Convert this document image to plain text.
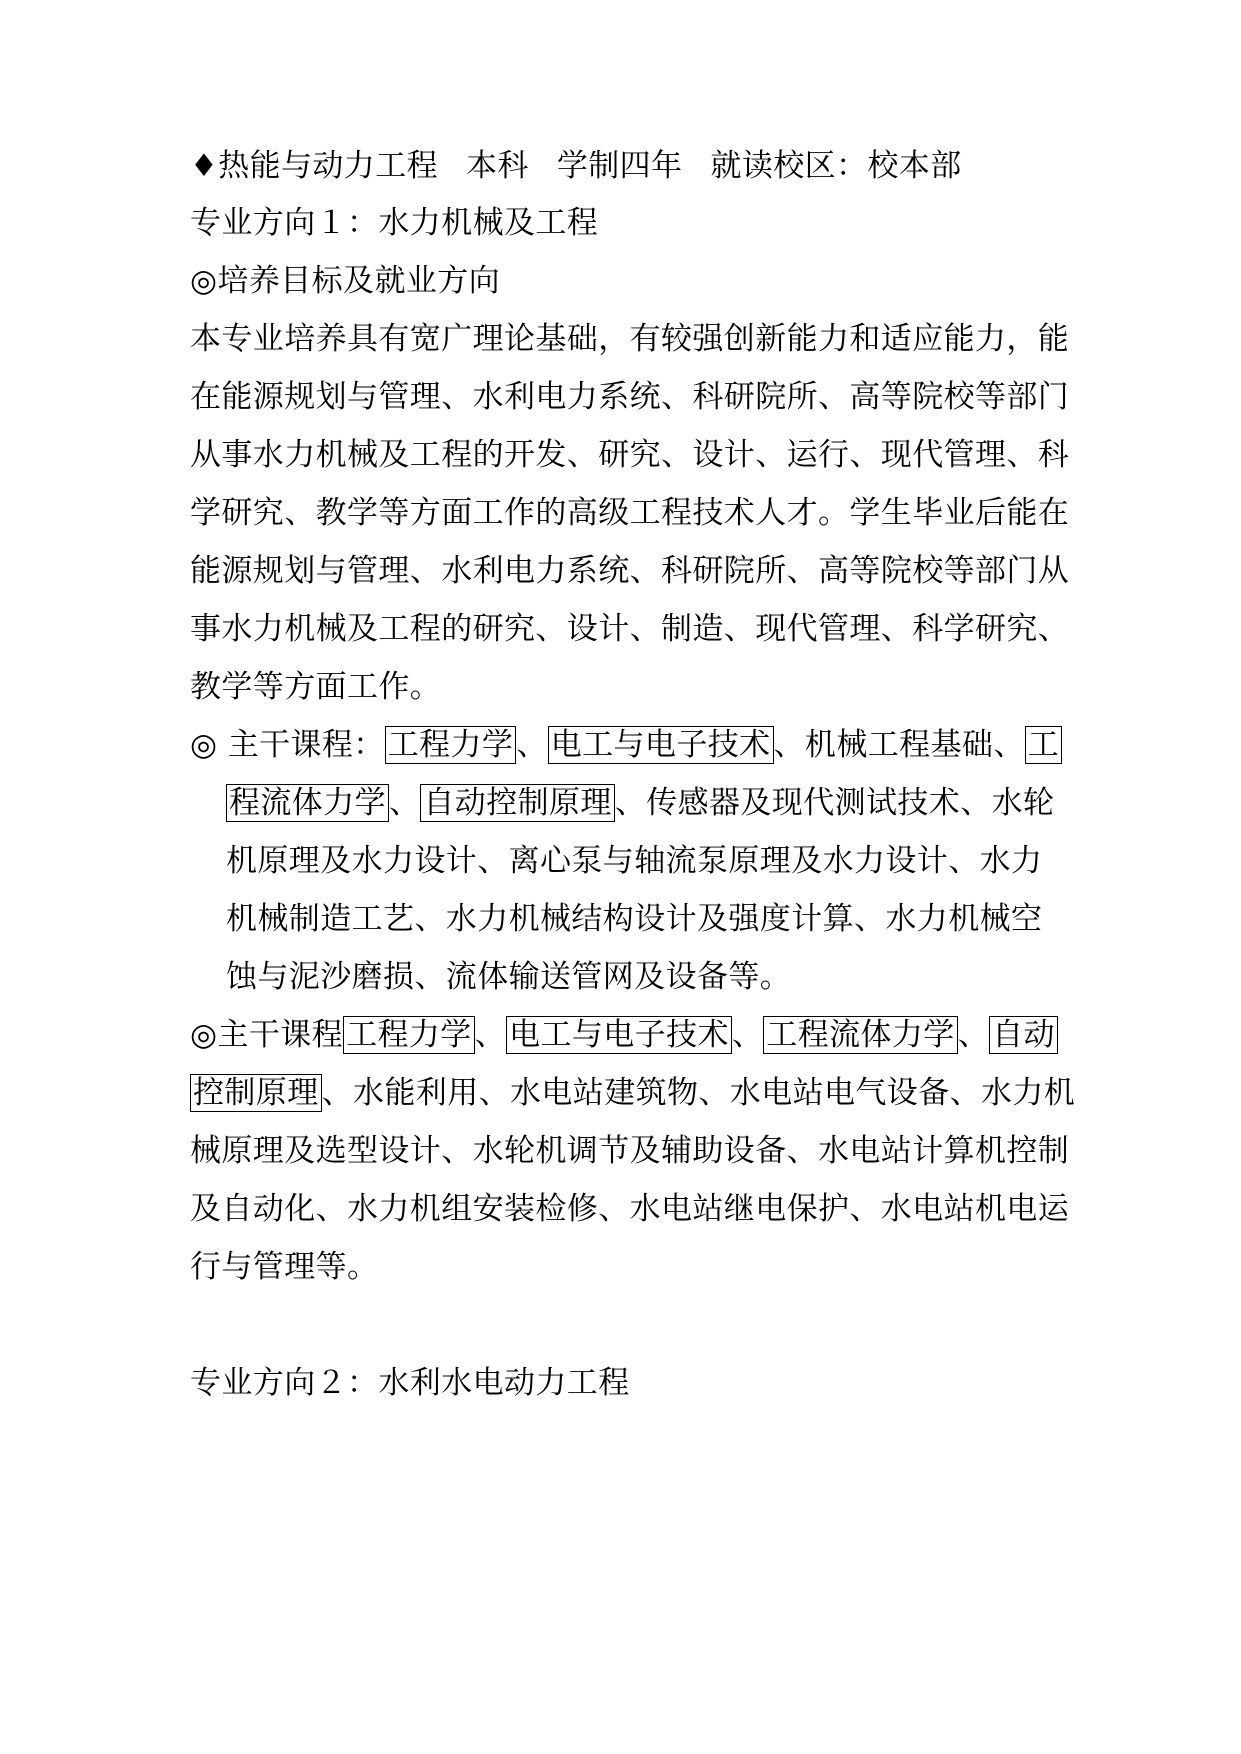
♦热能与动力工程 本科 学制四年 就读校区：校本部
专业方向１：水力机械及工程
◎培养目标及就业方向
本专业培养具有宽广理论基础，有较强创新能力和适应能力，能
在能源规划与管理、水利电力系统、科研院所、高等院校等部门
从事水力机械及工程的开发、研究、设计、运行、现代管理、科
学研究、教学等方面工作的高级工程技术人才。学生毕业后能在
能源规划与管理、水利电力系统、科研院所、高等院校等部门从
事水力机械及工程的研究、设计、制造、现代管理、科学研究、
教学等方面工作。
◎ 主干课程：工程力学、电工与电子技术、机械工程基础、工
程流体力学、自动控制原理、传感器及现代测试技术、水轮
机原理及水力设计、离心泵与轴流泵原理及水力设计、水力
机械制造工艺、水力机械结构设计及强度计算、水力机械空
蚀与泥沙磨损、流体输送管网及设备等。
◎主干课程工程力学、电工与电子技术、工程流体力学、自动
控制原理、水能利用、水电站建筑物、水电站电气设备、水力机
械原理及选型设计、水轮机调节及辅助设备、水电站计算机控制
及自动化、水力机组安装检修、水电站继电保护、水电站机电运
行与管理等。
专业方向２：水利水电动力工程
